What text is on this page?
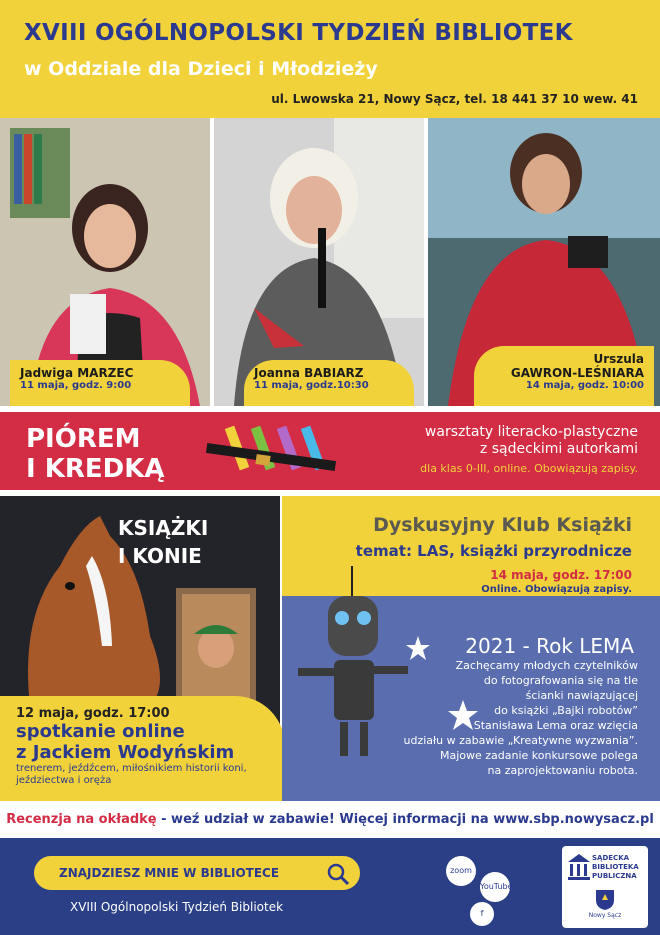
XVIII OGÓLNOPOLSKI TYDZIEŃ BIBLIOTEK
w Oddziale dla Dzieci i Młodzieży
ul. Lwowska 21, Nowy Sącz, tel. 18 441 37 10 wew. 41
Jadwiga MARZEC
11 maja, godz. 9:00
Joanna BABIARZ
11 maja, godz.10:30
Urszula
GAWRON-LEŚNIARA
14 maja, godz. 10:00
PIÓREM
I KREDKĄ
warsztaty literacko-plastyczne
z sądeckimi autorkami
dla klas 0-III, online. Obowiązują zapisy.
KSIĄŻKI
I KONIE
12 maja, godz. 17:00
spotkanie online
z Jackiem Wodyńskim
trenerem, jeźdźcem, miłośnikiem historii koni,
jeździectwa i oręża
Dyskusyjny Klub Książki
temat: LAS, książki przyrodnicze
14 maja, godz. 17:00
Online. Obowiązują zapisy.
2021 - Rok LEMA
Zachęcamy młodych czytelników
do fotografowania się na tle
ścianki nawiązującej
do książki „Bajki robotów”
Stanisława Lema oraz wzięcia
udziału w zabawie „Kreatywne wyzwania”.
Majowe zadanie konkursowe polega
na zaprojektowaniu robota.
Recenzja na okładkę - weź udział w zabawie! Więcej informacji na www.sbp.nowysacz.pl
ZNAJDZIESZ MNIE W BIBLIOTECE
XVIII Ogólnopolski Tydzień Bibliotek
zoom
YouTube
f
SĄDECKA
BIBLIOTEKA
PUBLICZNA
Nowy Sącz
